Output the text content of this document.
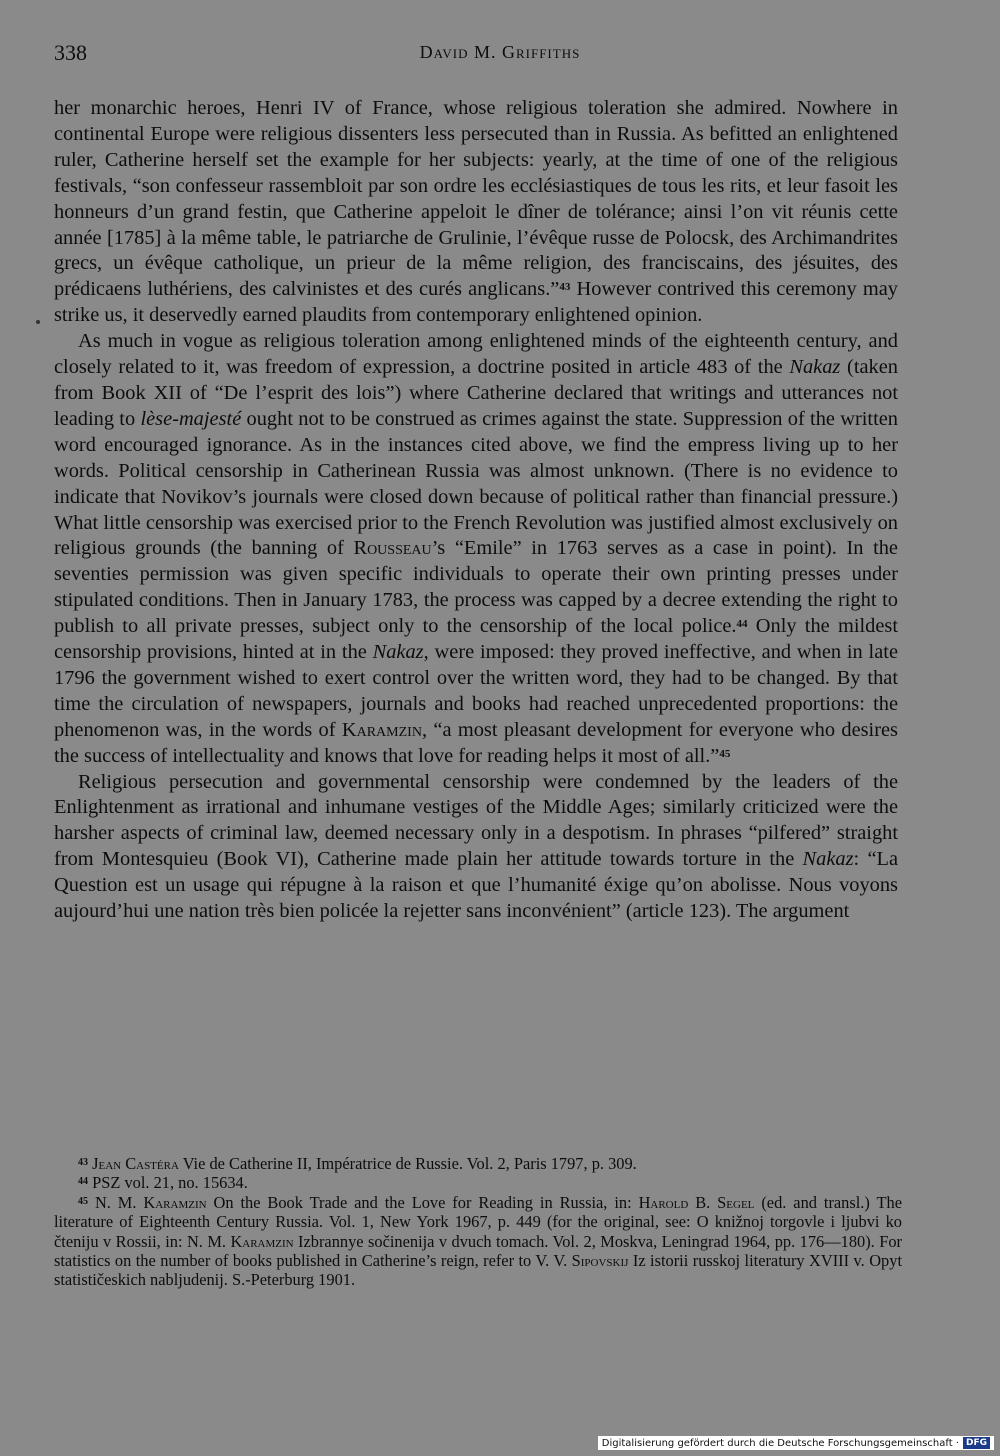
338	David M. Griffiths

her monarchic heroes, Henri IV of France, whose religious toleration she admired. Nowhere in continental Europe were religious dissenters less persecuted than in Russia. As befitted an enlightened ruler, Catherine herself set the example for her subjects: yearly, at the time of one of the religious festivals, “son confesseur rassembloit par son ordre les ecclésiastiques de tous les rits, et leur fasoit les honneurs d’un grand festin, que Catherine appeloit le dîner de tolérance; ainsi l’on vit réunis cette année [1785] à la même table, le patriarche de Grulinie, l’évêque russe de Polocsk, des Archimandrites grecs, un évêque catholique, un prieur de la même religion, des franciscains, des jésuites, des prédicaens luthériens, des calvinistes et des curés anglicans.”$^{43}$ However contrived this ceremony may strike us, it deservedly earned plaudits from contemporary enlightened opinion.

As much in vogue as religious toleration among enlightened minds of the eighteenth century, and closely related to it, was freedom of expression, a doctrine posited in article 483 of the Nakaz (taken from Book XII of “De l’esprit des lois”) where Catherine declared that writings and utterances not leading to lèse-majesté ought not to be construed as crimes against the state. Suppression of the written word encouraged ignorance. As in the instances cited above, we find the empress living up to her words. Political censorship in Catherinean Russia was almost unknown. (There is no evidence to indicate that Novikov’s journals were closed down because of political rather than financial pressure.) What little censorship was exercised prior to the French Revolution was justified almost exclusively on religious grounds (the banning of Rousseau’s “Emile” in 1763 serves as a case in point). In the seventies permission was given specific individuals to operate their own printing presses under stipulated conditions. Then in January 1783, the process was capped by a decree extending the right to publish to all private presses, subject only to the censorship of the local police.$^{44}$ Only the mildest censorship provisions, hinted at in the Nakaz, were imposed: they proved ineffective, and when in late 1796 the government wished to exert control over the written word, they had to be changed. By that time the circulation of newspapers, journals and books had reached unprecedented proportions: the phenomenon was, in the words of Karamzin, “a most pleasant development for everyone who desires the success of intellectuality and knows that love for reading helps it most of all.”$^{45}$

Religious persecution and governmental censorship were condemned by the leaders of the Enlightenment as irrational and inhumane vestiges of the Middle Ages; similarly criticized were the harsher aspects of criminal law, deemed necessary only in a despotism. In phrases “pilfered” straight from Montesquieu (Book VI), Catherine made plain her attitude towards torture in the Nakaz: “La Question est un usage qui répugne à la raison et que l’humanité éxige qu’on abolisse. Nous voyons aujourd’hui une nation très bien policée la rejetter sans inconvénient” (article 123). The argument

$^{43}$ Jean Castéra Vie de Catherine II, Impératrice de Russie. Vol. 2, Paris 1797, p. 309.

$^{44}$ PSZ vol. 21, no. 15634.

$^{45}$ N. M. Karamzin On the Book Trade and the Love for Reading in Russia, in: Harold B. Segel (ed. and transl.) The literature of Eighteenth Century Russia. Vol. 1, New York 1967, p. 449 (for the original, see: O knižnoj torgovle i ljubvi ko čteniju v Rossii, in: N. M. Karamzin Izbrannye sočinenija v dvuch tomach. Vol. 2, Moskva, Leningrad 1964, pp. 176—180). For statistics on the number of books published in Catherine’s reign, refer to V. V. Sipovskij Iz istorii russkoj literatury XVIII v. Opyt statističeskich nabljudenij. S.-Peterburg 1901.

Digitalisierung gefördert durch die Deutsche Forschungsgemeinschaft · DFG
